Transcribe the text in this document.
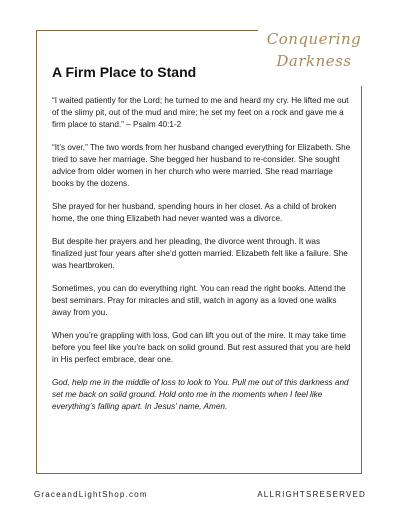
Conquering
Darkness
A Firm Place to Stand

“I waited patiently for the Lord; he turned to me and heard my cry. He lifted me out of the slimy pit, out of the mud and mire; he set my feet on a rock and gave me a firm place to stand.” – Psalm 40:1-2

“It’s over,” The two words from her husband changed everything for Elizabeth. She tried to save her marriage. She begged her husband to re-consider. She sought advice from older women in her church who were married. She read marriage books by the dozens.

She prayed for her husband, spending hours in her closet. As a child of broken home, the one thing Elizabeth had never wanted was a divorce.

But despite her prayers and her pleading, the divorce went through. It was finalized just four years after she’d gotten married. Elizabeth felt like a failure. She was heartbroken.

Sometimes, you can do everything right. You can read the right books. Attend the best seminars. Pray for miracles and still, watch in agony as a loved one walks away from you.

When you’re grappling with loss, God can lift you out of the mire. It may take time before you feel like you’re back on solid ground. But rest assured that you are held in His perfect embrace, dear one.

God, help me in the middle of loss to look to You. Pull me out of this darkness and set me back on solid ground. Hold onto me in the moments when I feel like everything’s falling apart. In Jesus’ name, Amen.

GraceandLightShop.com	ALLRIGHTSRESERVED
